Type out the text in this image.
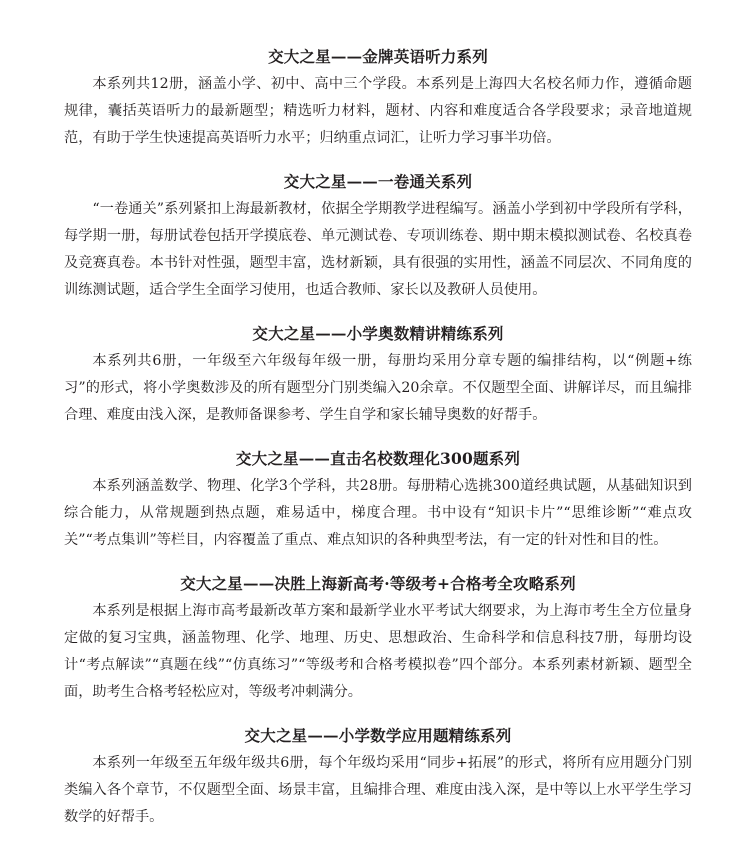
交大之星——金牌英语听力系列

本系列共12册，涵盖小学、初中、高中三个学段。本系列是上海四大名校名师力作，遵循命题规律，囊括英语听力的最新题型；精选听力材料，题材、内容和难度适合各学段要求；录音地道规范，有助于学生快速提高英语听力水平；归纳重点词汇，让听力学习事半功倍。

交大之星——一卷通关系列

“一卷通关”系列紧扣上海最新教材，依据全学期教学进程编写。涵盖小学到初中学段所有学科，每学期一册，每册试卷包括开学摸底卷、单元测试卷、专项训练卷、期中期末模拟测试卷、名校真卷及竞赛真卷。本书针对性强，题型丰富，选材新颖，具有很强的实用性，涵盖不同层次、不同角度的训练测试题，适合学生全面学习使用，也适合教师、家长以及教研人员使用。

交大之星——小学奥数精讲精练系列

本系列共6册，一年级至六年级每年级一册，每册均采用分章专题的编排结构，以“例题+练习”的形式，将小学奥数涉及的所有题型分门别类编入20余章。不仅题型全面、讲解详尽，而且编排合理、难度由浅入深，是教师备课参考、学生自学和家长辅导奥数的好帮手。

交大之星——直击名校数理化300题系列

本系列涵盖数学、物理、化学3个学科，共28册。每册精心选挑300道经典试题，从基础知识到综合能力，从常规题到热点题，难易适中，梯度合理。书中设有“知识卡片”“思维诊断”“难点攻关”“考点集训”等栏目，内容覆盖了重点、难点知识的各种典型考法，有一定的针对性和目的性。

交大之星——决胜上海新高考·等级考+合格考全攻略系列

本系列是根据上海市高考最新改革方案和最新学业水平考试大纲要求，为上海市考生全方位量身定做的复习宝典，涵盖物理、化学、地理、历史、思想政治、生命科学和信息科技7册，每册均设计“考点解读”“真题在线”“仿真练习”“等级考和合格考模拟卷”四个部分。本系列素材新颖、题型全面，助考生合格考轻松应对，等级考冲刺满分。

交大之星——小学数学应用题精练系列

本系列一年级至五年级年级共6册，每个年级均采用“同步+拓展”的形式，将所有应用题分门别类编入各个章节，不仅题型全面、场景丰富，且编排合理、难度由浅入深，是中等以上水平学生学习数学的好帮手。
